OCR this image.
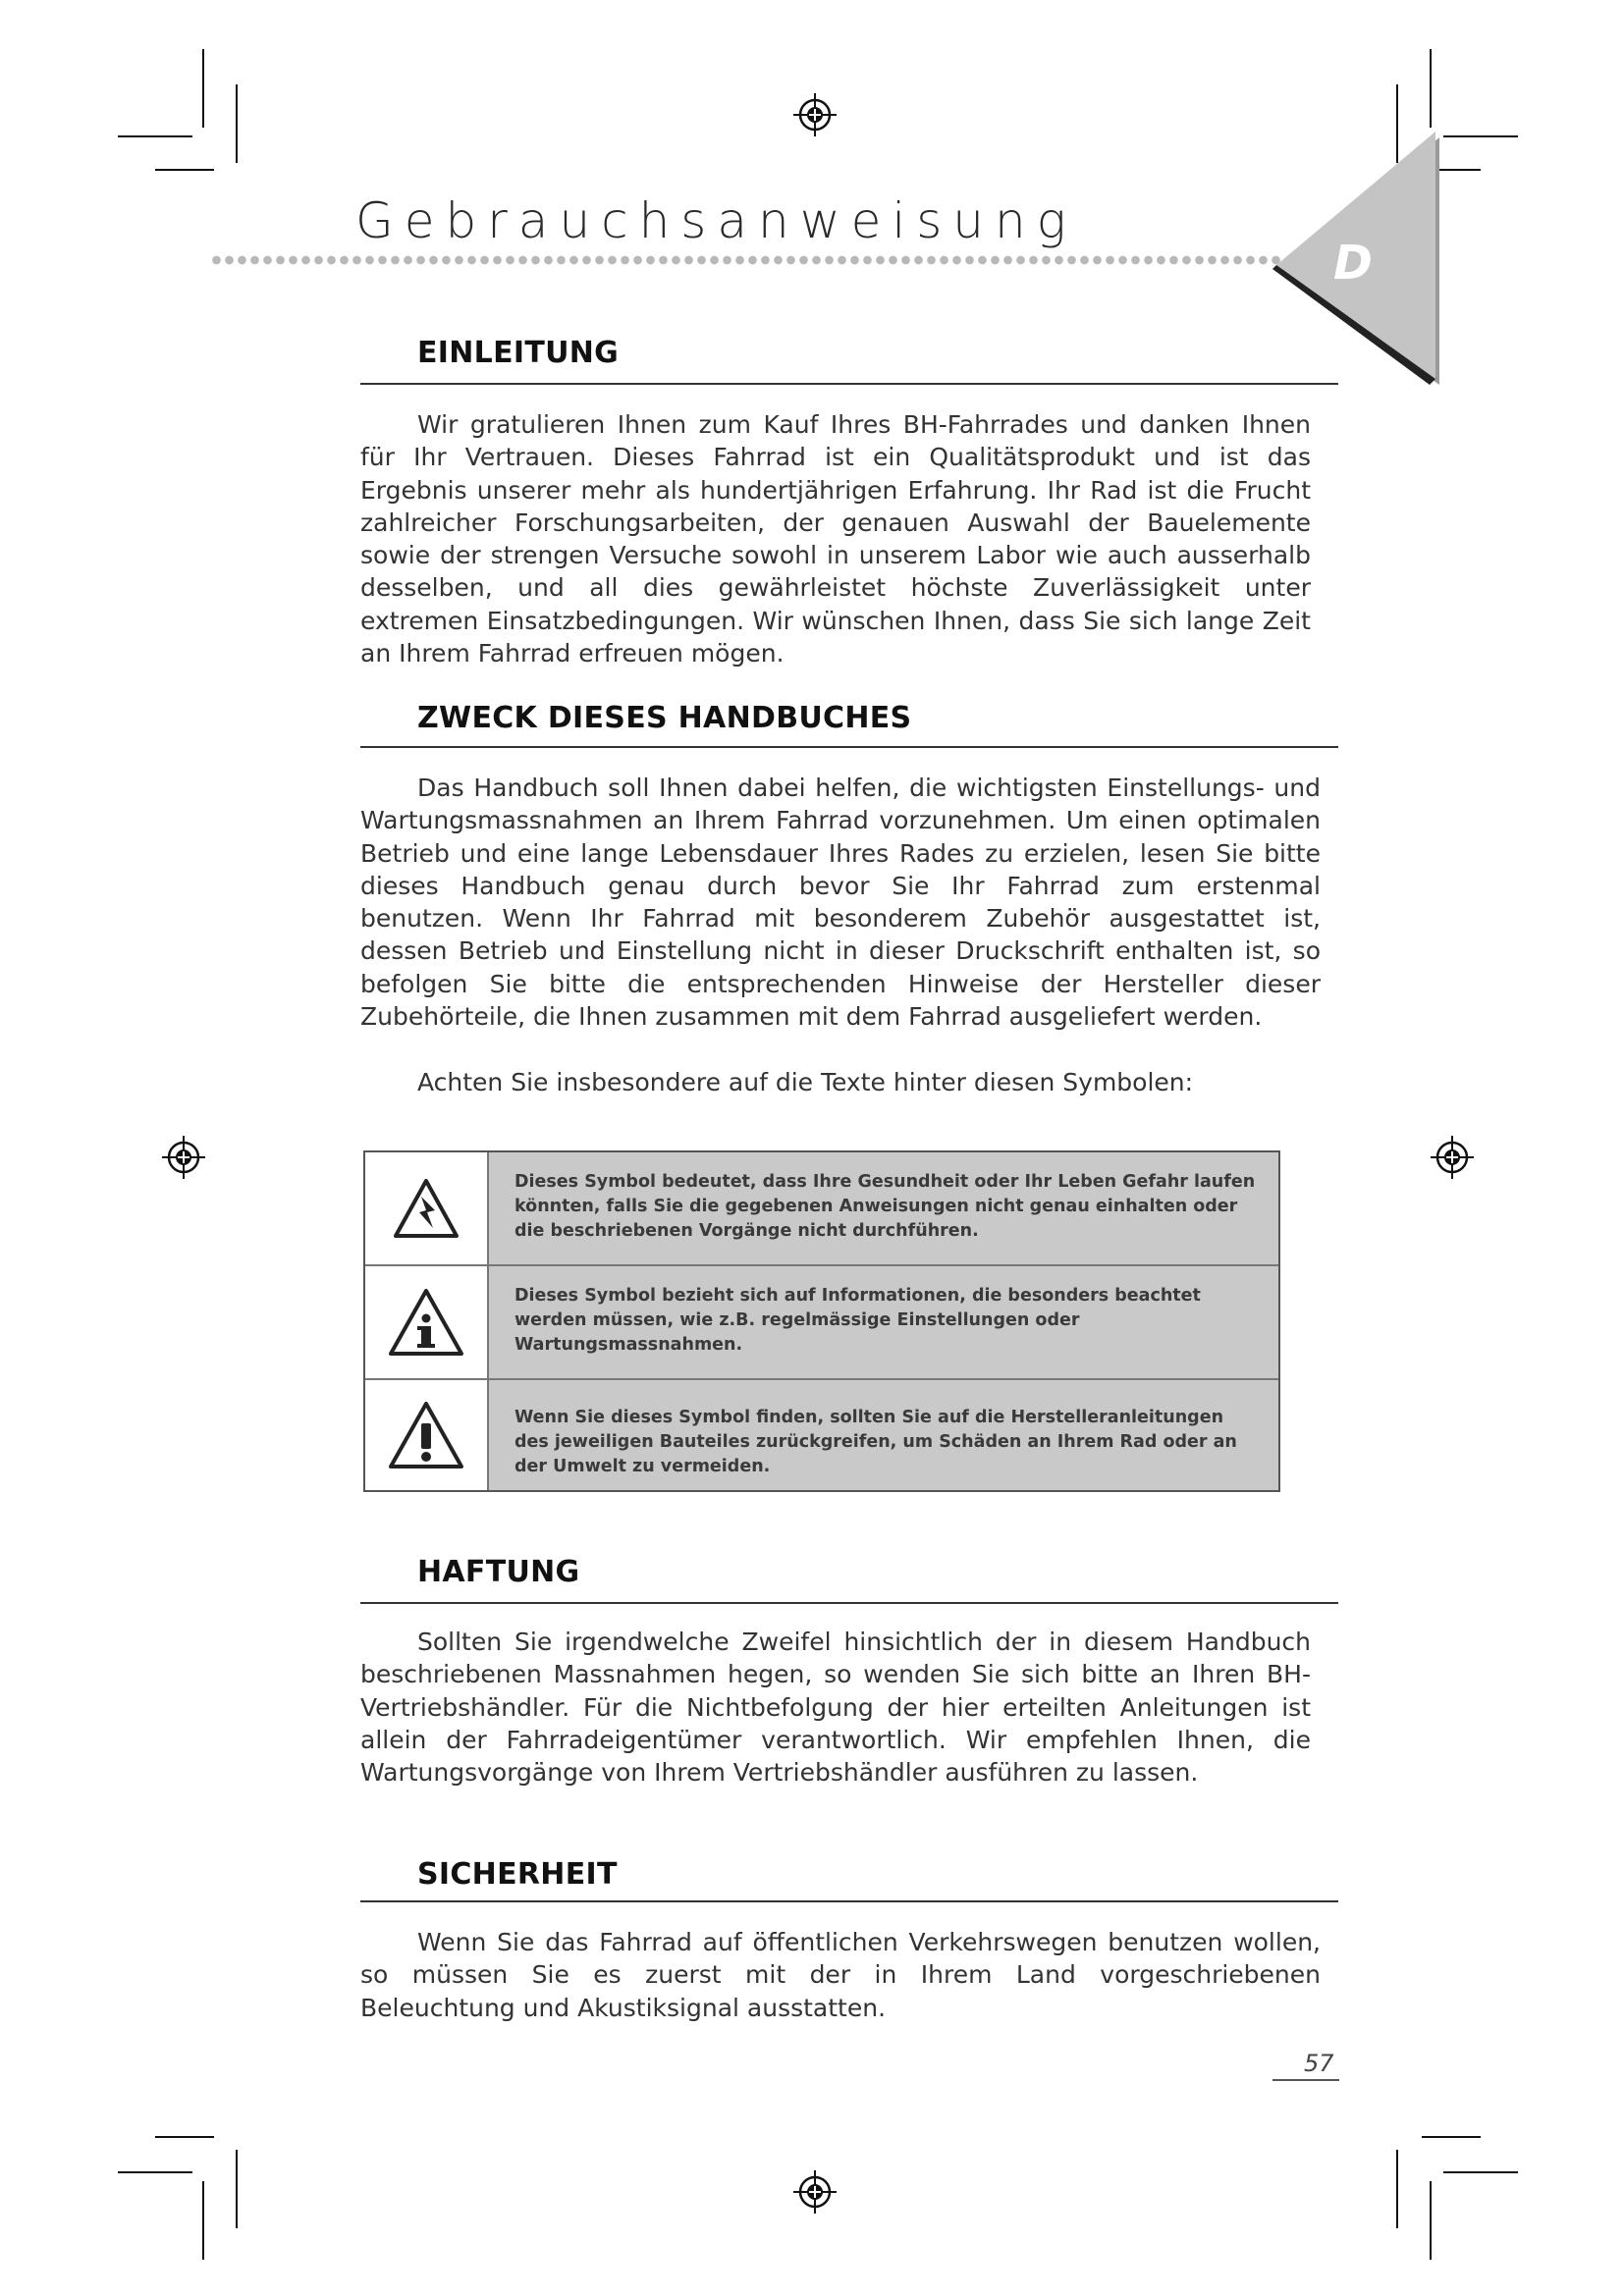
Gebrauchsanweisung
D
EINLEITUNG

Wir gratulieren Ihnen zum Kauf Ihres BH-Fahrrades und danken Ihnen für Ihr Vertrauen. Dieses Fahrrad ist ein Qualitätsprodukt und ist das Ergebnis unserer mehr als hundertjährigen Erfahrung. Ihr Rad ist die Frucht zahlreicher Forschungsarbeiten, der genauen Auswahl der Bauelemente sowie der strengen Versuche sowohl in unserem Labor wie auch ausserhalb desselben, und all dies gewährleistet höchste Zuverlässigkeit unter extremen Einsatzbedingungen. Wir wünschen Ihnen, dass Sie sich lange Zeit an Ihrem Fahrrad erfreuen mögen.

ZWECK DIESES HANDBUCHES

Das Handbuch soll Ihnen dabei helfen, die wichtigsten Einstellungs- und Wartungsmassnahmen an Ihrem Fahrrad vorzunehmen. Um einen optimalen Betrieb und eine lange Lebensdauer Ihres Rades zu erzielen, lesen Sie bitte dieses Handbuch genau durch bevor Sie Ihr Fahrrad zum erstenmal benutzen. Wenn Ihr Fahrrad mit besonderem Zubehör ausgestattet ist, dessen Betrieb und Einstellung nicht in dieser Druckschrift enthalten ist, so befolgen Sie bitte die entsprechenden Hinweise der Hersteller dieser Zubehörteile, die Ihnen zusammen mit dem Fahrrad ausgeliefert werden.

Achten Sie insbesondere auf die Texte hinter diesen Symbolen:

Dieses Symbol bedeutet, dass Ihre Gesundheit oder Ihr Leben Gefahr laufen könnten, falls Sie die gegebenen Anweisungen nicht genau einhalten oder die beschriebenen Vorgänge nicht durchführen.
Dieses Symbol bezieht sich auf Informationen, die besonders beachtet werden müssen, wie z.B. regelmässige Einstellungen oder Wartungsmassnahmen.
Wenn Sie dieses Symbol finden, sollten Sie auf die Herstelleranleitungen des jeweiligen Bauteiles zurückgreifen, um Schäden an Ihrem Rad oder an der Umwelt zu vermeiden.
HAFTUNG

Sollten Sie irgendwelche Zweifel hinsichtlich der in diesem Handbuch beschriebenen Massnahmen hegen, so wenden Sie sich bitte an Ihren BH-Vertriebshändler. Für die Nichtbefolgung der hier erteilten Anleitungen ist allein der Fahrradeigentümer verantwortlich. Wir empfehlen Ihnen, die Wartungsvorgänge von Ihrem Vertriebshändler ausführen zu lassen.

SICHERHEIT

Wenn Sie das Fahrrad auf öffentlichen Verkehrswegen benutzen wollen, so müssen Sie es zuerst mit der in Ihrem Land vorgeschriebenen Beleuchtung und Akustiksignal ausstatten.

57
